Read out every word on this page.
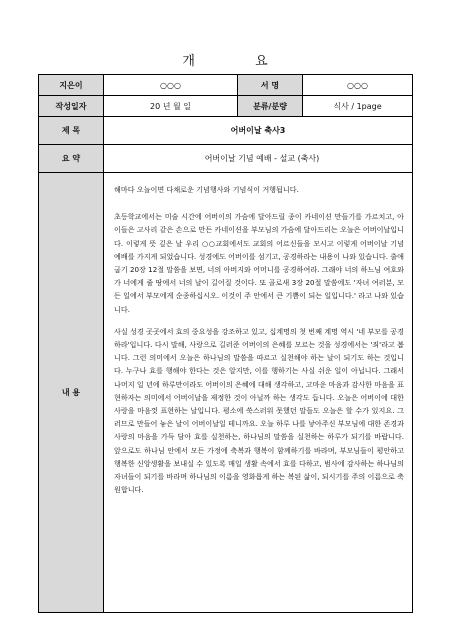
개 요
지은이	○○○	서 명	○○○
작성일자	20 년 월 일	분류/분량	식사 / 1page
제 목	어버이날 축사3		
요 약	어버이날 기념 예배 - 설교 (축사)		
내 용	해마다 오늘이면 다채로운 기념행사와 기념식이 거행됩니다.

초등학교에서는 미술 시간에 어버이의 가슴에 달아드릴 종이 카네이션 만들기를 가르치고, 아이들은 고사리 같은 손으로 만든 카네이션을 부모님의 가슴에 달아드리는 오늘은 어버이날입니다. 이렇게 뜻 깊은 날 우리 ○○교회에서도 교회의 어르신들을 모시고 이렇게 어버이날 기념 예배를 가지게 되었습니다. 성경에도 어버이를 섬기고, 공경하라는 내용이 나와 있습니다. 출애굽기 20장 12절 말씀을 보면, 너의 아버지와 어머니를 공경하여라. 그래야 너의 하느님 여호와가 너에게 줄 땅에서 너의 날이 길어질 것이다. 또 골로새 3장 20절 말씀에도 '자녀 여러분, 모든 일에서 부모에게 순종하십시오. 이것이 주 안에서 큰 기쁨이 되는 일입니다.' 라고 나와 있습니다.

사실 성경 곳곳에서 효의 중요성을 강조하고 있고, 십계명의 첫 번째 계명 역시 '네 부모를 공경하라'입니다. 다시 말해, 사랑으로 길러준 어버이의 은혜를 모르는 것을 성경에서는 '죄'라고 봅니다. 그런 의미에서 오늘은 하나님의 말씀을 따르고 실천해야 하는 날이 되기도 하는 것입니다. 누구나 효를 행해야 한다는 것은 알지만, 이를 행하기는 사실 쉬운 일이 아닙니다. 그래서 나머지 일 년에 하루만이라도 어버이의 은혜에 대해 생각하고, 고마운 마음과 감사한 마음을 표현하자는 의미에서 어버이날을 제정한 것이 아닐까 하는 생각도 듭니다. 오늘은 어버이에 대한 사랑을 마음껏 표현하는 날입니다. 평소에 쑥스러워 못했던 말들도 오늘은 할 수가 있지요. 그러므로 만들어 놓은 날이 어버이날일 테니까요. 오늘 하루 나를 낳아주신 부모님에 대한 존경과 사랑의 마음을 가득 담아 효를 실천하는, 하나님의 말씀을 실천하는 하루가 되기를 바랍니다. 앞으로도 하나님 안에서 모든 가정에 축복과 행복이 함께하기를 바라며, 부모님들이 평안하고 행복한 신앙생활을 보내실 수 있도록 매일 생활 속에서 효를 다하고, 범사에 감사하는 하나님의 자녀들이 되기를 바라며 하나님의 이름을 영화롭게 하는 복된 삶이, 되시기를 주의 이름으로 축원합니다.		
